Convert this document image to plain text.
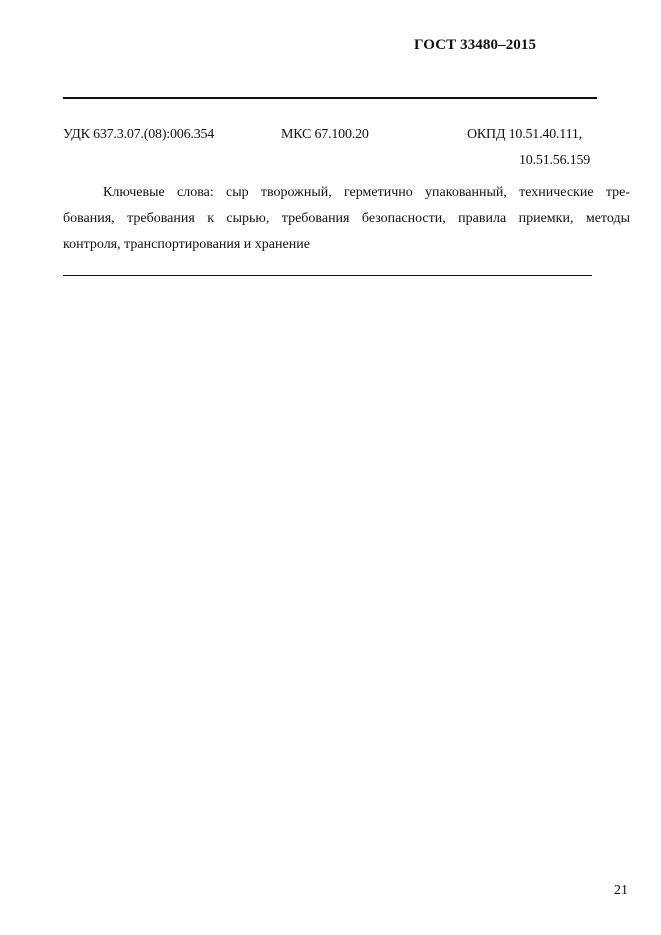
ГОСТ 33480–2015
УДК 637.3.07.(08):006.354	МКС 67.100.20	ОКПД 10.51.40.111,
10.51.56.159
Ключевые слова: сыр творожный, герметично упакованный, технические тре-
бования, требования к сырью, требования безопасности, правила приемки, методы
контроля, транспортирования и хранение
21
